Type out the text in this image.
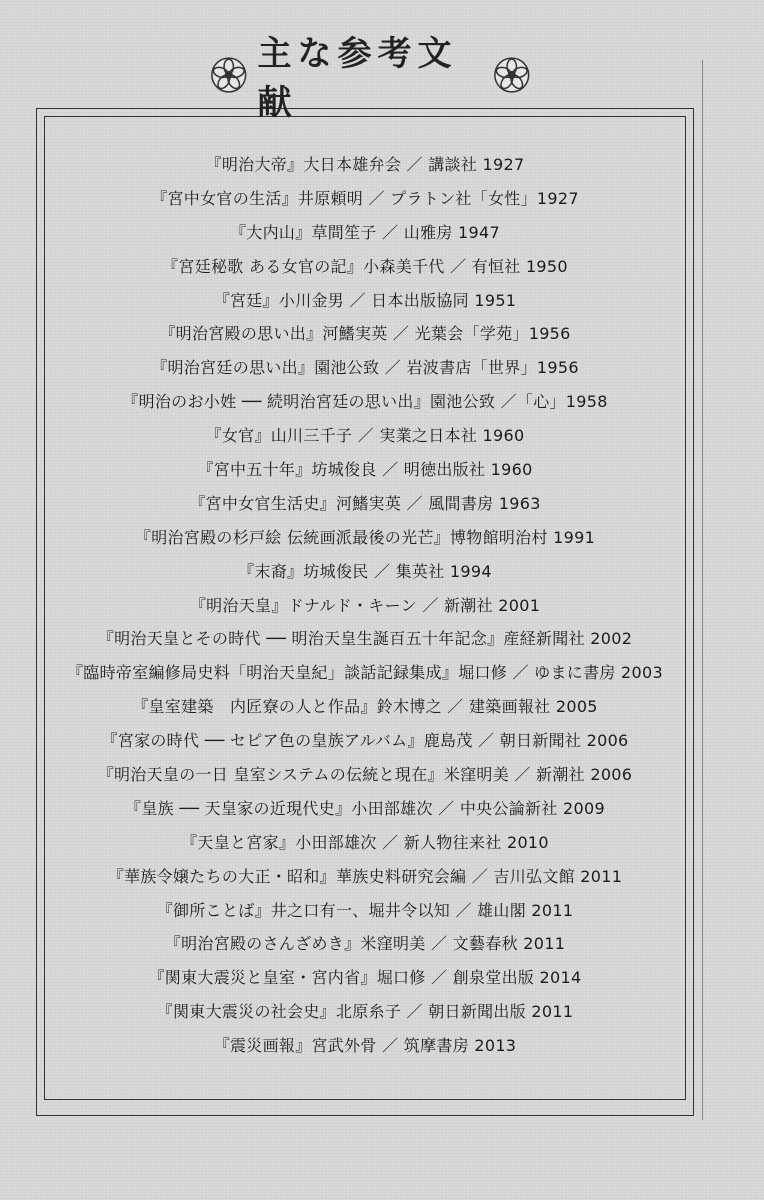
主な参考文献
『明治大帝』大日本雄弁会 ／ 講談社 1927
『宮中女官の生活』井原頼明 ／ プラトン社「女性」1927
『大内山』草間笙子 ／ 山雅房 1947
『宮廷秘歌 ある女官の記』小森美千代 ／ 有恒社 1950
『宮廷』小川金男 ／ 日本出版協同 1951
『明治宮殿の思い出』河鰭実英 ／ 光葉会「学苑」1956
『明治宮廷の思い出』園池公致 ／ 岩波書店「世界」1956
『明治のお小姓 ── 続明治宮廷の思い出』園池公致 ／「心」1958
『女官』山川三千子 ／ 実業之日本社 1960
『宮中五十年』坊城俊良 ／ 明徳出版社 1960
『宮中女官生活史』河鰭実英 ／ 風間書房 1963
『明治宮殿の杉戸絵 伝統画派最後の光芒』博物館明治村 1991
『末裔』坊城俊民 ／ 集英社 1994
『明治天皇』ドナルド・キーン ／ 新潮社 2001
『明治天皇とその時代 ── 明治天皇生誕百五十年記念』産経新聞社 2002
『臨時帝室編修局史料「明治天皇紀」談話記録集成』堀口修 ／ ゆまに書房 2003
『皇室建築　内匠寮の人と作品』鈴木博之 ／ 建築画報社 2005
『宮家の時代 ── セピア色の皇族アルバム』鹿島茂 ／ 朝日新聞社 2006
『明治天皇の一日 皇室システムの伝統と現在』米窪明美 ／ 新潮社 2006
『皇族 ── 天皇家の近現代史』小田部雄次 ／ 中央公論新社 2009
『天皇と宮家』小田部雄次 ／ 新人物往来社 2010
『華族令嬢たちの大正・昭和』華族史料研究会編 ／ 吉川弘文館 2011
『御所ことば』井之口有一、堀井令以知 ／ 雄山閣 2011
『明治宮殿のさんざめき』米窪明美 ／ 文藝春秋 2011
『関東大震災と皇室・宮内省』堀口修 ／ 創泉堂出版 2014
『関東大震災の社会史』北原糸子 ／ 朝日新聞出版 2011
『震災画報』宮武外骨 ／ 筑摩書房 2013
